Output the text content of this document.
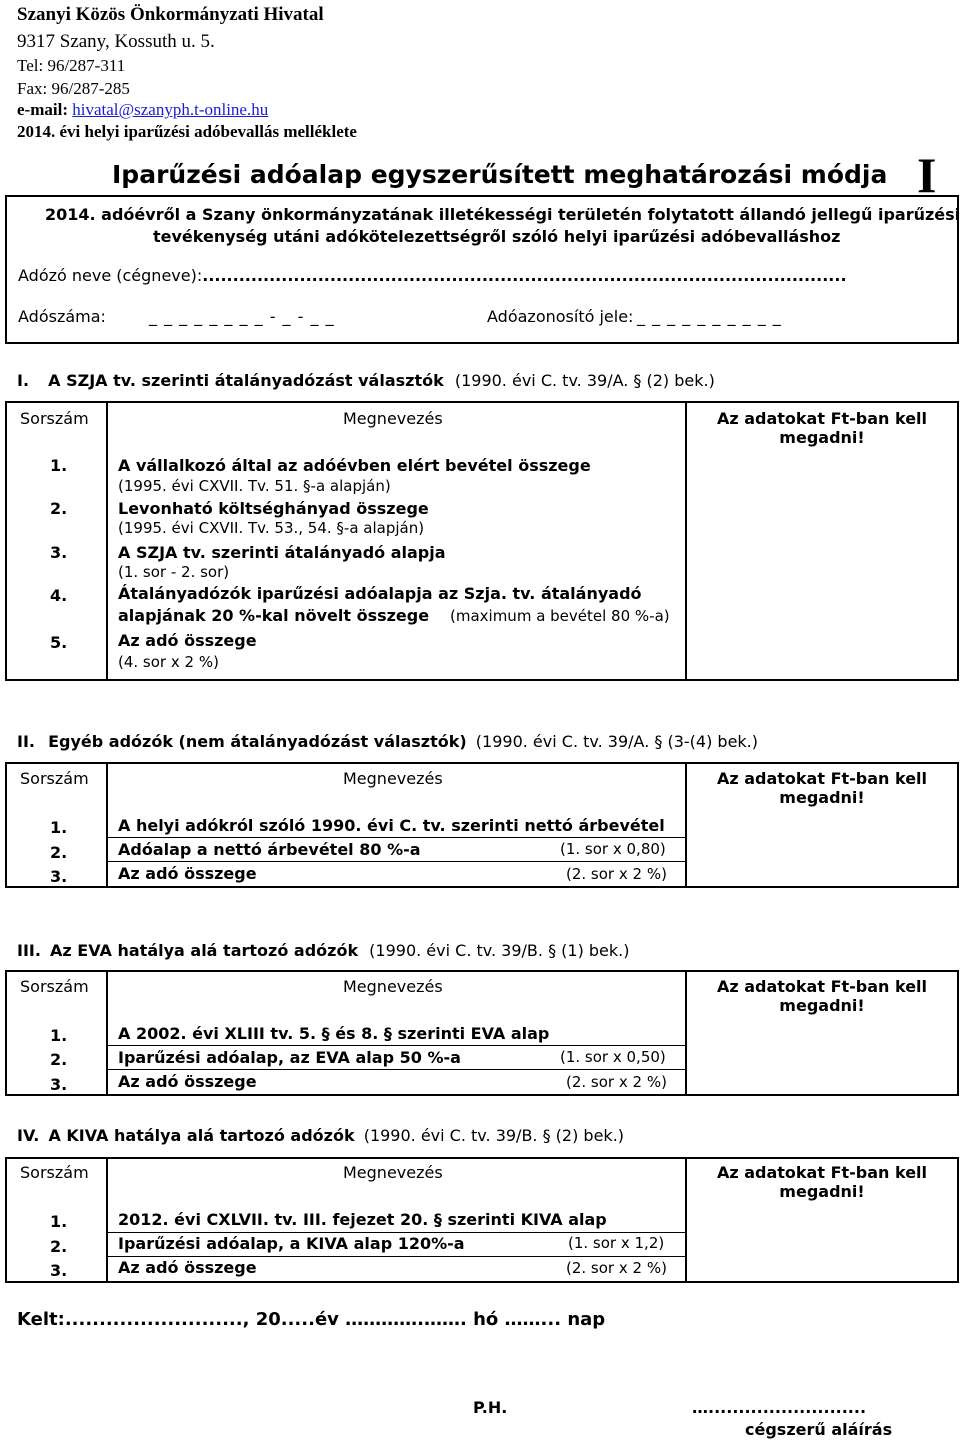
Szanyi Közös Önkormányzati Hivatal
9317 Szany, Kossuth u. 5.
Tel: 96/287-311
Fax: 96/287-285
e-mail: hivatal@szanyph.t-online.hu
2014. évi helyi iparűzési adóbevallás melléklete
Iparűzési adóalap egyszerűsített meghatározási módja I
2014. adóévről a Szany önkormányzatának illetékességi területén folytatott állandó jellegű iparűzési
tevékenység utáni adókötelezettségről szóló helyi iparűzési adóbevalláshoz
Adózó neve (cégneve):..........................................................................................................
Adószáma:	_ _ _ _ _ _ _ _ - _ - _ _	Adóazonosító jele: _ _ _ _ _ _ _ _ _ _
I. A SZJA tv. szerinti átalányadózást választók (1990. évi C. tv. 39/A. § (2) bek.)
Sorszám	Megnevezés	Az adatokat Ft-ban kell
megadni!
1.	A vállalkozó által az adóévben elért bevétel összege
(1995. évi CXVII. Tv. 51. §-a alapján)
2.	Levonható költséghányad összege
(1995. évi CXVII. Tv. 53., 54. §-a alapján)
3.	A SZJA tv. szerinti átalányadó alapja
(1. sor - 2. sor)
4.	Átalányadózók iparűzési adóalapja az Szja. tv. átalányadó
alapjának 20 %-kal növelt összege (maximum a bevétel 80 %-a)
5.	Az adó összege
(4. sor x 2 %)
II. Egyéb adózók (nem átalányadózást választók) (1990. évi C. tv. 39/A. § (3-(4) bek.)
Sorszám	Megnevezés	Az adatokat Ft-ban kell
megadni!
1.	A helyi adókról szóló 1990. évi C. tv. szerinti nettó árbevétel
2.	Adóalap a nettó árbevétel 80 %-a	(1. sor x 0,80)
3.	Az adó összege	(2. sor x 2 %)
III. Az EVA hatálya alá tartozó adózók (1990. évi C. tv. 39/B. § (1) bek.)
Sorszám	Megnevezés	Az adatokat Ft-ban kell
megadni!
1.	A 2002. évi XLIII tv. 5. § és 8. § szerinti EVA alap
2.	Iparűzési adóalap, az EVA alap 50 %-a	(1. sor x 0,50)
3.	Az adó összege	(2. sor x 2 %)
IV. A KIVA hatálya alá tartozó adózók (1990. évi C. tv. 39/B. § (2) bek.)
Sorszám	Megnevezés	Az adatokat Ft-ban kell
megadni!
1.	2012. évi CXLVII. tv. III. fejezet 20. § szerinti KIVA alap
2.	Iparűzési adóalap, a KIVA alap 120%-a	(1. sor x 1,2)
3.	Az adó összege	(2. sor x 2 %)
Kelt:.........................., 20.....év ………….……. hó ……... nap
P.H.	…..........................
cégszerű aláírás
